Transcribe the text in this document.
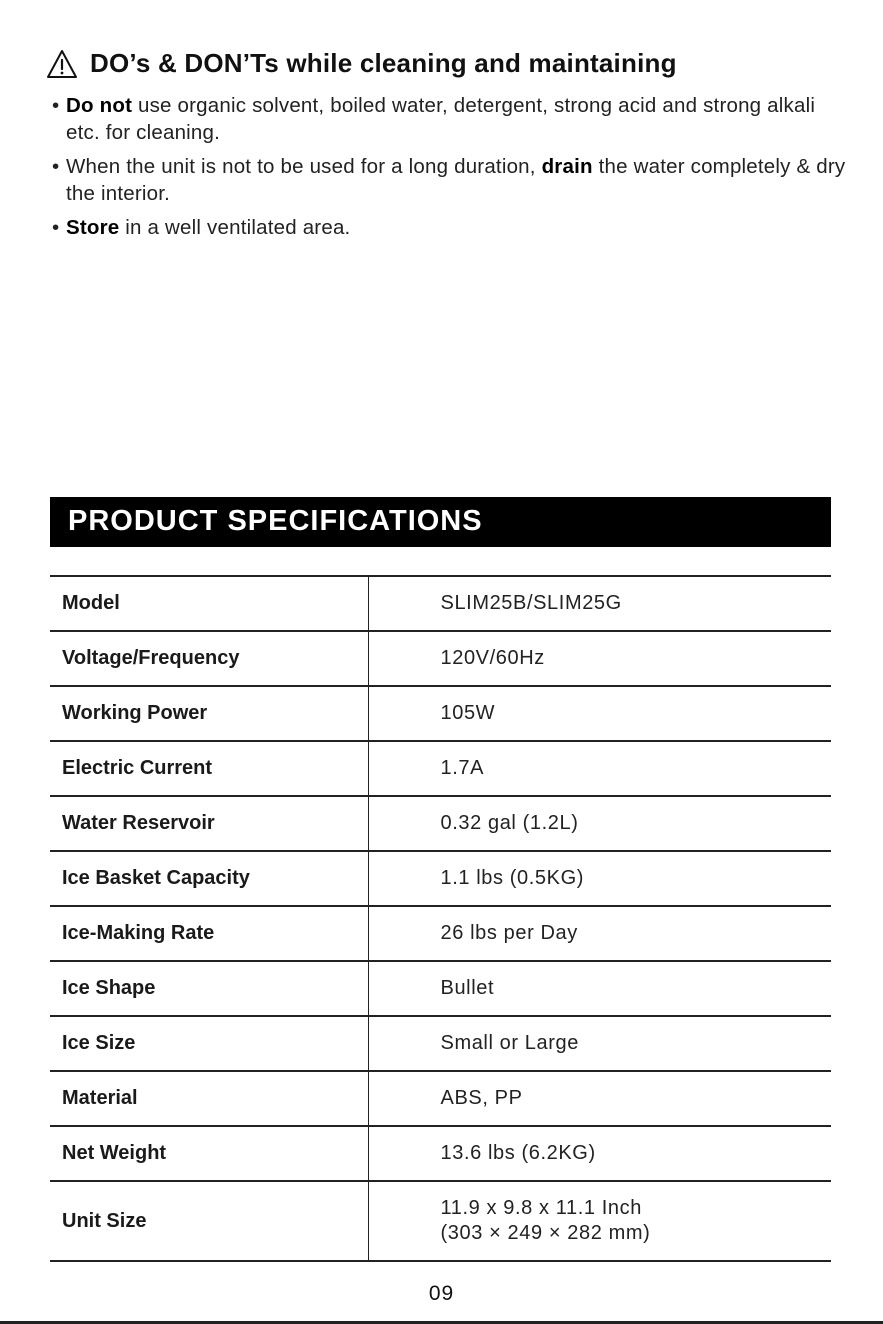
DO’s & DON’Ts while cleaning and maintaining
• Do not use organic solvent, boiled water, detergent, strong acid and strong alkali etc. for cleaning.
• When the unit is not to be used for a long duration, drain the water completely & dry the interior.
• Store in a well ventilated area.
PRODUCT SPECIFICATIONS
Model	SLIM25B/SLIM25G
Voltage/Frequency	120V/60Hz
Working Power	105W
Electric Current	1.7A
Water Reservoir	0.32 gal (1.2L)
Ice Basket Capacity	1.1 lbs (0.5KG)
Ice-Making Rate	26 lbs per Day
Ice Shape	Bullet
Ice Size	Small or Large
Material	ABS, PP
Net Weight	13.6 lbs (6.2KG)
Unit Size	11.9 x 9.8 x 11.1 Inch
(303 × 249 × 282 mm)
09
